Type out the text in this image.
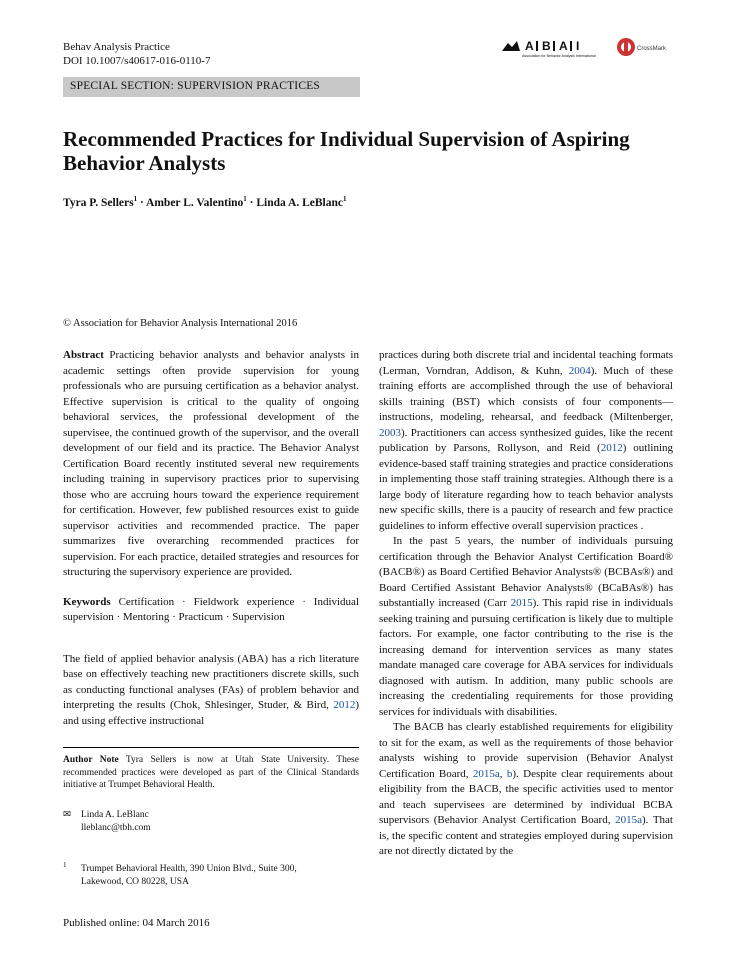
Behav Analysis Practice
DOI 10.1007/s40617-016-0110-7
A B A I
Association for Behavior Analysis International
CrossMark
SPECIAL SECTION: SUPERVISION PRACTICES
Recommended Practices for Individual Supervision of Aspiring Behavior Analysts
Tyra P. Sellers$^1$ · Amber L. Valentino$^1$ · Linda A. LeBlanc$^1$
© Association for Behavior Analysis International 2016

Abstract Practicing behavior analysts and behavior analysts in academic settings often provide supervision for young professionals who are pursuing certification as a behavior analyst. Effective supervision is critical to the quality of ongoing behavioral services, the professional development of the supervisee, the continued growth of the supervisor, and the overall development of our field and its practice. The Behavior Analyst Certification Board recently instituted several new requirements including training in supervisory practices prior to supervising those who are accruing hours toward the experience requirement for certification. However, few published resources exist to guide supervisor activities and recommended practice. The paper summarizes five overarching recommended practices for supervision. For each practice, detailed strategies and resources for structuring the supervisory experience are provided.

Keywords Certification · Fieldwork experience · Individual supervision · Mentoring · Practicum · Supervision

The field of applied behavior analysis (ABA) has a rich literature base on effectively teaching new practitioners discrete skills, such as conducting functional analyses (FAs) of problem behavior and interpreting the results (Chok, Shlesinger, Studer, & Bird, 2012) and using effective instructional

Author Note Tyra Sellers is now at Utah State University. These recommended practices were developed as part of the Clinical Standards initiative at Trumpet Behavioral Health.
✉ Linda A. LeBlanc
lleblanc@tbh.com
$^1$ Trumpet Behavioral Health, 390 Union Blvd., Suite 300,
Lakewood, CO 80228, USA
Published online: 04 March 2016

practices during both discrete trial and incidental teaching formats (Lerman, Vorndran, Addison, & Kuhn, 2004). Much of these training efforts are accomplished through the use of behavioral skills training (BST) which consists of four components—instructions, modeling, rehearsal, and feedback (Miltenberger, 2003). Practitioners can access synthesized guides, like the recent publication by Parsons, Rollyson, and Reid (2012) outlining evidence-based staff training strategies and practice considerations in implementing those staff training strategies. Although there is a large body of literature regarding how to teach behavior analysts new specific skills, there is a paucity of research and few practice guidelines to inform effective overall supervision practices .

In the past 5 years, the number of individuals pursuing certification through the Behavior Analyst Certification Board® (BACB®) as Board Certified Behavior Analysts® (BCBAs®) and Board Certified Assistant Behavior Analysts® (BCaBAs®) has substantially increased (Carr 2015). This rapid rise in individuals seeking training and pursuing certification is likely due to multiple factors. For example, one factor contributing to the rise is the increasing demand for intervention services as many states mandate managed care coverage for ABA services for individuals diagnosed with autism. In addition, many public schools are increasing the credentialing requirements for those providing services for individuals with disabilities.

The BACB has clearly established requirements for eligibility to sit for the exam, as well as the requirements of those behavior analysts wishing to provide supervision (Behavior Analyst Certification Board, 2015a, b). Despite clear requirements about eligibility from the BACB, the specific activities used to mentor and teach supervisees are determined by individual BCBA supervisors (Behavior Analyst Certification Board, 2015a). That is, the specific content and strategies employed during supervision are not directly dictated by the
